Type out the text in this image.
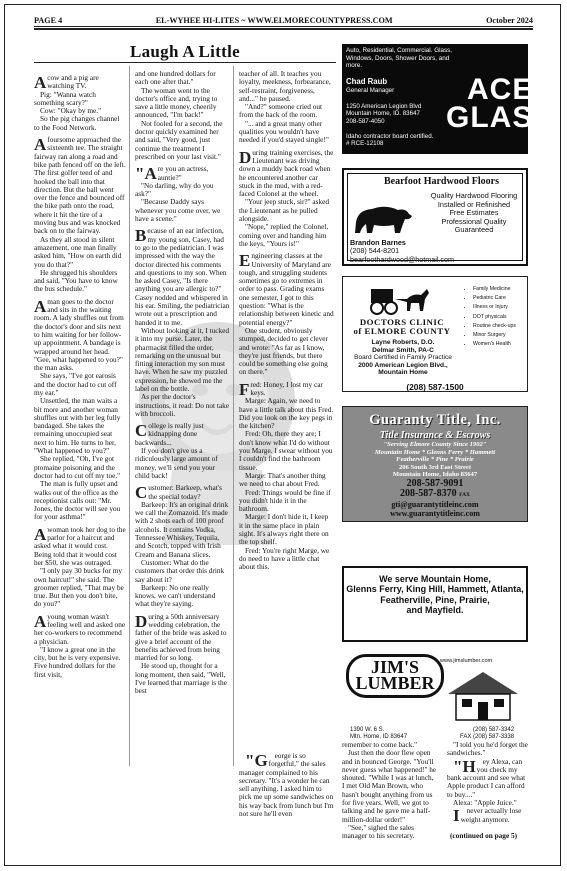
PAGE 4	EL-WYHEE HI-LITES ~ WWW.ELMORECOUNTYPRESS.COM	October 2024
Laugh A Little

A cow and a pig are watching TV.

Pig: "Wanna watch something scary?"

Cow: "Okay by me."

So the pig changes channel to the Food Network.

A foursome approached the sixteenth tee. The straight fairway ran along a road and bike path fenced off on the left. The first golfer teed of and hooked the ball into that direction. But the ball went over the fence and bounced off the bike path onto the road, where it hit the tire of a moving bus and was knocked back on to the fairway.

As they all stood in silent amazement, one man finally asked him, "How on earth did you do that?"

He shrugged his shoulders and said, "You have to know the bus schedule."

A man goes to the doctor and sits in the waiting room. A lady shuffles out from the doctor's door and sits next to him waiting for her follow-up appointment. A bandage is wrapped around her head. "Gee, what happened to you?" the man asks.

She says, "I've got earosis and the doctor had to cut off my ear."

Unsettled, the man waits a bit more and another woman shuffles out with her leg fully bandaged. She takes the remaining unoccupied seat next to him. He turns to her, "What happened to you?"

She replied, "Oh, I've got ptomaine poisoning and the doctor had to cut off my toe."

The man is fully upset and walks out of the office as the receptionist calls out: "Mr. Jones, the doctor will see you for your asthma!"

A woman took her dog to the parlor for a haircut and asked what it would cost. Being told that it would cost her $50, she was outraged.

"I only pay 30 bucks for my own haircut!" she said. The groomer replied, "That may be true. But then you don't bite, do you?"

A young woman wasn't feeling well and asked one her co-workers to recommend a physician.

"I know a great one in the city, but he is very expensive. Five hundred dollars for the first visit,

and one hundred dollars for each one after that."

The woman went to the doctor's office and, trying to save a little money, cheerily announced, "I'm back!"

Not fooled for a second, the doctor quickly examined her and said, "Very good, just continue the treatment I prescribed on your last visit."

"Are you an actress, auntie?"

"No darling, why do you ask?"

"Because Daddy says whenever you come over, we have a scene."

Because of an ear infection, my young son, Casey, had to go to the pediatrician. I was impressed with the way the doctor directed his comments and questions to my son. When he asked Casey, "Is there anything you are allergic to?" Casey nodded and whispered in his ear. Smiling, the pediatrician wrote out a prescription and handed it to me.

Without looking at it, I tucked it into my purse. Later, the pharmacist filled the order, remarking on the unusual but fitting interaction my son must have. When he saw my puzzled expression, he showed me the label on the bottle.

As per the doctor's instructions, it read: Do not take with broccoli.

College is really just kidnapping done backwards...

If you don't give us a ridiculously large amount of money, we'll send you your child back!

Customer: Barkeep, what's the special today?

Barkeep: It's an original drink we call the Zomazoid. It's made with 2 shots each of 100 proof alcohols. It contains Vodka, Tennessee Whiskey, Tequila, and Scotch, topped with Irish Cream and Banana slices.

Customer: What do the customers that order this drink say about it?

Barkeep: No one really knows, we can't understand what they're saying.

During a 50th anniversary wedding celebration, the father of the bride was asked to give a brief account of the benefits achieved from being married for so long.

He stood up, thought for a long moment, then said, "Well, I've learned that marriage is the best

teacher of all. It teaches you loyalty, meekness, forbearance, self-restraint, forgiveness, and..." he paused.

"And?" someone cried out from the back of the room.

"... and a great many other qualities you wouldn't have needed if you'd stayed single!"

During training exercises, the Lieutenant was driving down a muddy back road when he encountered another car stuck in the mud, with a red-faced Colonel at the wheel.

"Your jeep stuck, sir?" asked the Lieutenant as he pulled alongside.

"Nope," replied the Colonel, coming over and handing him the keys, "Yours is!"

Engineering classes at the University of Maryland are tough, and struggling students sometimes go to extremes in order to pass. Grading exams one semester, I got to this question: "What is the relationship between kinetic and potential energy?"

One student, obviously stumped, decided to get clever and wrote: "As far as I know, they're just friends, but there could be something else going on there."

Fred: Honey, I lost my car keys.

Marge: Again, we need to have a little talk about this Fred. Did you look on the key pegs in the kitchen?

Fred: Oh, there they are; I don't know what I'd do without you Marge. I swear without you I couldn't find the bathroom tissue.

Marge: That's another thing we need to chat about Fred.

Fred: Things would be fine if you didn't hide it in the bathroom.

Marge: I don't hide it, I keep it in the same place in plain sight. It's always right there on the top shelf.

Fred: You're right Marge, we do need to have a little chat about this.

"George is so forgetful," the sales manager complained to his secretary. "It's a wonder he can sell anything. I asked him to pick me up some sandwiches on his way back from lunch but I'm not sure he'll even

remember to come back."

Just then the door flew open and in bounced George. "You'll never guess what happened!" he shouted. "While I was at lunch, I met Old Man Brown, who hasn't bought anything from us for five years. Well, we got to talking and he gave me a half-million-dollar order!"

"See," sighed the sales manager to his secretary.

"I told you he'd forget the sandwiches."

"Hey Alexa, can you check my bank account and see what Apple product I can afford to buy...."

Alexa: "Apple Juice."

I never actually lose weight anymore.

(continued on page 5)
Auto, Residential, Commercial. Glass, Windows, Doors, Shower Doors, and more.
Chad Raub
General Manager
1250 American Legion Blvd
Mountain Home, ID. 83647
208-587-4050
Idaho contractor board certified.
# RCE-12108
ACE
GLASS
Bearfoot Hardwood Floors
Quality Hardwood Flooring
Installed or Refinished
Free Estimates
Professional Quality Guaranteed
Brandon Barnes
(208) 544-8201
bearfoothardwood@hotmail.com
DOCTORS CLINIC
of ELMORE COUNTY
Layne Roberts, D.O.
Delmar Smith, PA-C
Board Certified in Family Practice
2000 American Legion Blvd., Mountain Home
• Family Medicine
• Pediatric Care
• Illness or Injury
• DOT physicals
• Routine check-ups
• Minor Surgery
• Women's Health
(208) 587-1500
Guaranty Title, Inc.
Title Insurance & Escrows
"Serving Elmore County Since 1902"
Mountain Home * Glenns Ferry * Hammett
Featherville * Pine * Prairie
206 South 3rd East Street
Mountain Home, Idaho 83647
208-587-9091
208-587-8370 FAX
gti@guarantytitleinc.com
www.guarantytitleinc.com
We serve Mountain Home,
Glenns Ferry, King Hill, Hammett, Atlanta,
Featherville, Pine, Prairie,
and Mayfield.
JIM'S
LUMBER
www.jimslumber.com
1390 W. 6 S.
Mtn. Home, ID 83647
(208) 587-3342
FAX (208) 587-3338
